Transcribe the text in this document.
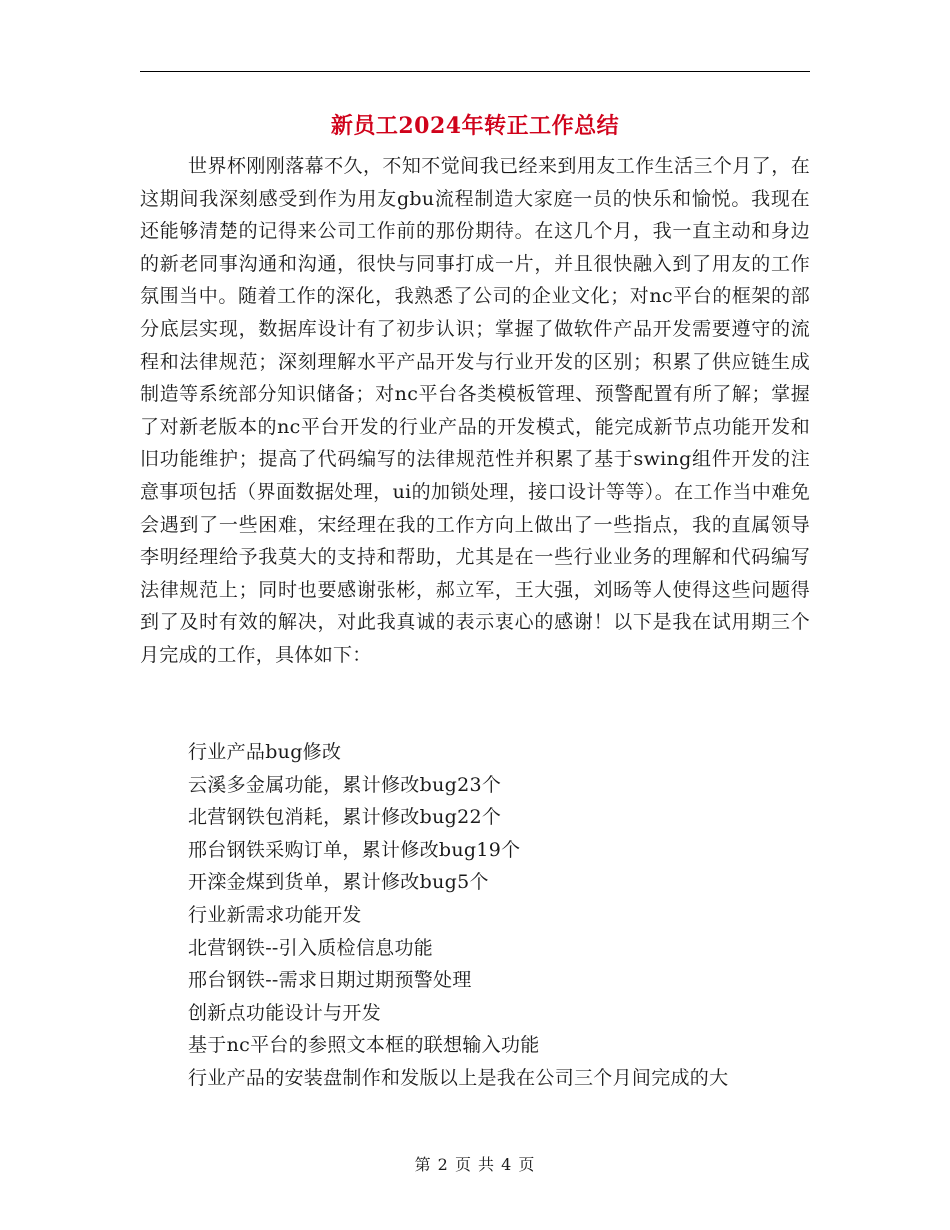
新员工2024年转正工作总结

世界杯刚刚落幕不久，不知不觉间我已经来到用友工作生活三个月了，在这期间我深刻感受到作为用友gbu流程制造大家庭一员的快乐和愉悦。我现在还能够清楚的记得来公司工作前的那份期待。在这几个月，我一直主动和身边的新老同事沟通和沟通，很快与同事打成一片，并且很快融入到了用友的工作氛围当中。随着工作的深化，我熟悉了公司的企业文化；对nc平台的框架的部分底层实现，数据库设计有了初步认识；掌握了做软件产品开发需要遵守的流程和法律规范；深刻理解水平产品开发与行业开发的区别；积累了供应链生成制造等系统部分知识储备；对nc平台各类模板管理、预警配置有所了解；掌握了对新老版本的nc平台开发的行业产品的开发模式，能完成新节点功能开发和旧功能维护；提高了代码编写的法律规范性并积累了基于swing组件开发的注意事项包括（界面数据处理，ui的加锁处理，接口设计等等）。在工作当中难免会遇到了一些困难，宋经理在我的工作方向上做出了一些指点，我的直属领导李明经理给予我莫大的支持和帮助，尤其是在一些行业业务的理解和代码编写法律规范上；同时也要感谢张彬，郝立军，王大强，刘旸等人使得这些问题得到了及时有效的解决，对此我真诚的表示衷心的感谢！以下是我在试用期三个月完成的工作，具体如下：

行业产品bug修改
云溪多金属功能，累计修改bug23个
北营钢铁包消耗，累计修改bug22个
邢台钢铁采购订单，累计修改bug19个
开滦金煤到货单，累计修改bug5个
行业新需求功能开发
北营钢铁--引入质检信息功能
邢台钢铁--需求日期过期预警处理
创新点功能设计与开发
基于nc平台的参照文本框的联想输入功能
行业产品的安装盘制作和发版以上是我在公司三个月间完成的大
第 2 页 共 4 页
